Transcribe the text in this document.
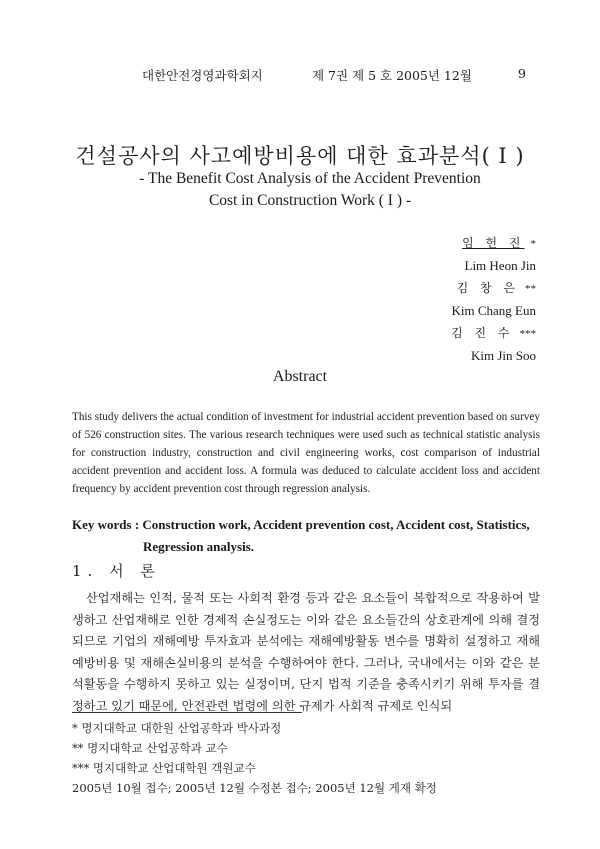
대한안전경영과학회지	제 7권 제 5 호 2005년 12월	9
건설공사의 사고예방비용에 대한 효과분석( I )
- The Benefit Cost Analysis of the Accident Prevention
Cost in Construction Work ( I ) -
임 헌 진 *
Lim Heon Jin
김 창 은 **
Kim Chang Eun
김 진 수 ***
Kim Jin Soo
Abstract
This study delivers the actual condition of investment for industrial accident prevention based on survey of 526 construction sites. The various research techniques were used such as technical statistic analysis for construction industry, construction and civil engineering works, cost comparison of industrial accident prevention and accident loss. A formula was deduced to calculate accident loss and accident frequency by accident prevention cost through regression analysis.
Key words : Construction work, Accident prevention cost, Accident cost, Statistics,
Regression analysis.
1. 서 론
산업재해는 인적, 물적 또는 사회적 환경 등과 같은 요소들이 복합적으로 작용하여 발생하고 산업재해로 인한 경제적 손실정도는 이와 같은 요소들간의 상호관계에 의해 결정되므로 기업의 재해예방 투자효과 분석에는 재해예방활동 변수를 명확히 설정하고 재해예방비용 및 재해손실비용의 분석을 수행하여야 한다. 그러나, 국내에서는 이와 같은 분석활동을 수행하지 못하고 있는 실정이며, 단지 법적 기준을 충족시키기 위해 투자를 결정하고 있기 때문에, 안전관련 법령에 의한 규제가 사회적 규제로 인식되
* 명지대학교 대한원 산업공학과 박사과정
** 명지대학교 산업공학과 교수
*** 명지대학교 산업대학원 객원교수
2005년 10월 접수; 2005년 12월 수정본 접수; 2005년 12월 게재 확정
